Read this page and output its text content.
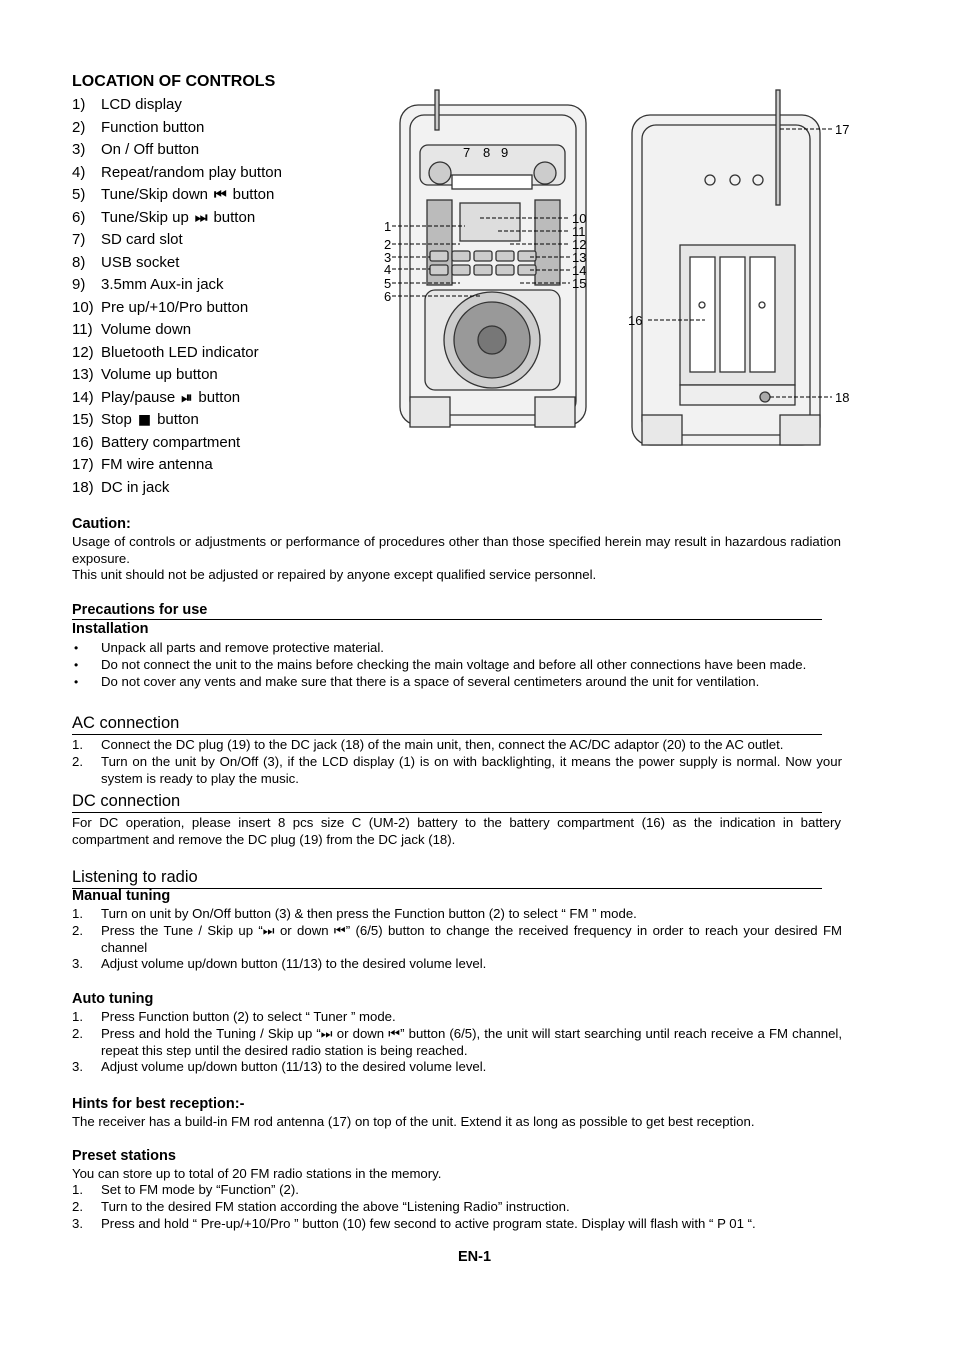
LOCATION OF CONTROLS
1) LCD display
2) Function button
3) On / Off button
4) Repeat/random play button
5) Tune/Skip down ⏮ button
6) Tune/Skip up ⏭ button
7) SD card slot
8) USB socket
9) 3.5mm Aux-in jack
10) Pre up/+10/Pro button
11) Volume down
12) Bluetooth LED indicator
13) Volume up button
14) Play/pause ⏯ button
15) Stop ■ button
16) Battery compartment
17) FM wire antenna
18) DC in jack
7 8 9
1
2
3
4
5
6
10
11
12
13
14
15
17
16
18
Caution:
Usage of controls or adjustments or performance of procedures other than those specified herein may result in hazardous radiation exposure.
This unit should not be adjusted or repaired by anyone except qualified service personnel.
Precautions for use
Installation
• Unpack all parts and remove protective material.
• Do not connect the unit to the mains before checking the main voltage and before all other connections have been made.
• Do not cover any vents and make sure that there is a space of several centimeters around the unit for ventilation.
AC connection
1. Connect the DC plug (19) to the DC jack (18) of the main unit, then, connect the AC/DC adaptor (20) to the AC outlet.
2. Turn on the unit by On/Off (3), if the LCD display (1) is on with backlighting, it means the power supply is normal. Now your system is ready to play the music.
DC connection
For DC operation, please insert 8 pcs size C (UM-2) battery to the battery compartment (16) as the indication in battery compartment and remove the DC plug (19) from the DC jack (18).
Listening to radio
Manual tuning
1. Turn on unit by On/Off button (3) & then press the Function button (2) to select “ FM ” mode.
2. Press the Tune / Skip up “⏭ or down ⏮” (6/5) button to change the received frequency in order to reach your desired FM channel
3. Adjust volume up/down button (11/13) to the desired volume level.
Auto tuning
1. Press Function button (2) to select “ Tuner ” mode.
2. Press and hold the Tuning / Skip up “⏭ or down ⏮” button (6/5), the unit will start searching until reach receive a FM channel, repeat this step until the desired radio station is being reached.
3. Adjust volume up/down button (11/13) to the desired volume level.
Hints for best reception:-
The receiver has a build-in FM rod antenna (17) on top of the unit. Extend it as long as possible to get best reception.
Preset stations
You can store up to total of 20 FM radio stations in the memory.
1. Set to FM mode by “Function” (2).
2. Turn to the desired FM station according the above “Listening Radio” instruction.
3. Press and hold “ Pre-up/+10/Pro ” button (10) few second to active program state. Display will flash with “ P 01 “.
EN-1
